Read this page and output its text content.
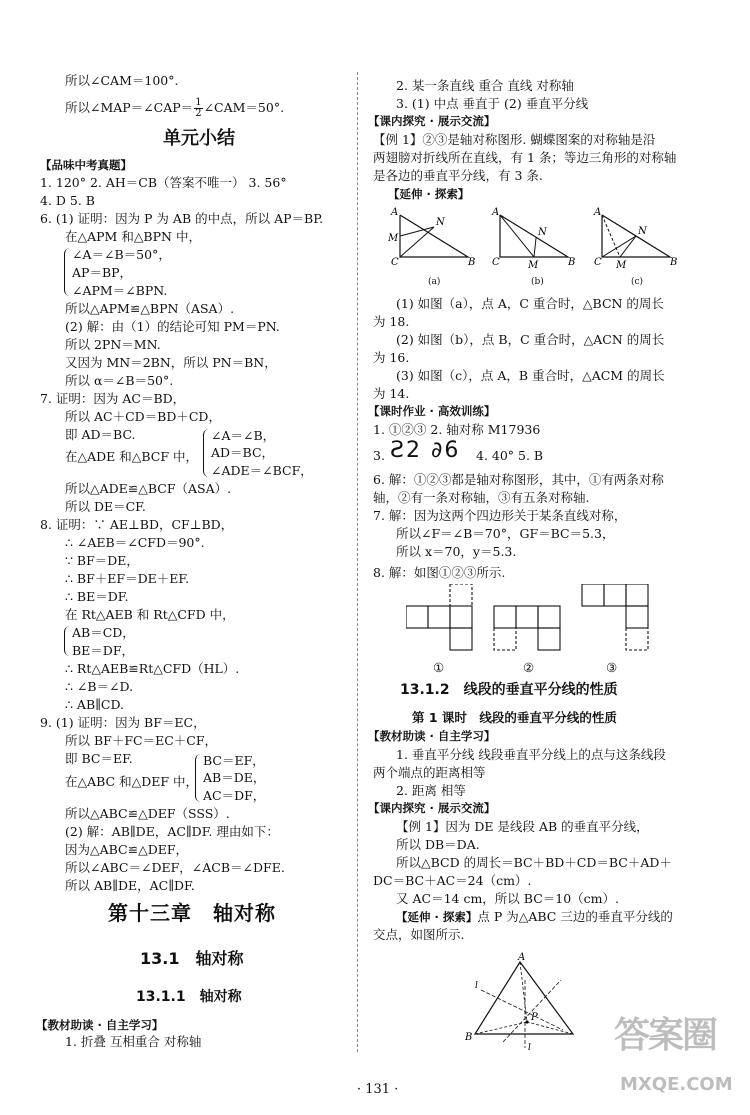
所以∠CAM＝100°.
所以∠MAP＝∠CAP＝ $\frac{1}{2}$ ∠CAM＝50°.
单元小结
【品味中考真题】
1. 120° 2. AH＝CB（答案不唯一） 3. 56°
4. D 5. B
6. (1) 证明：因为 P 为 AB 的中点，所以 AP＝BP.
在△APM 和△BPN 中，
∠A＝∠B＝50°，
AP＝BP，
∠APM＝∠BPN.
所以△APM≌△BPN（ASA）.
(2) 解：由（1）的结论可知 PM＝PN.
所以 2PN＝MN.
又因为 MN＝2BN，所以 PN＝BN，
所以 α＝∠B＝50°.
7. 证明：因为 AC＝BD，
所以 AC＋CD＝BD＋CD，
即 AD＝BC.
在△ADE 和△BCF 中，
∠A＝∠B，
AD＝BC，
∠ADE＝∠BCF，
所以△ADE≌△BCF（ASA）.
所以 DE＝CF.
8. 证明：∵ AE⊥BD，CF⊥BD，
∴ ∠AEB＝∠CFD＝90°.
∵ BF＝DE，
∴ BF＋EF＝DE＋EF.
∴ BE＝DF.
在 Rt△AEB 和 Rt△CFD 中，
AB＝CD，
BE＝DF，
∴ Rt△AEB≌Rt△CFD（HL）.
∴ ∠B＝∠D.
∴ AB∥CD.
9. (1) 证明：因为 BF＝EC，
所以 BF＋FC＝EC＋CF，
即 BC＝EF.
在△ABC 和△DEF 中，
BC＝EF，
AB＝DE，
AC＝DF，
所以△ABC≌△DEF（SSS）.
(2) 解：AB∥DE，AC∥DF. 理由如下：
因为△ABC≌△DEF，
所以∠ABC＝∠DEF，∠ACB＝∠DFE.
所以 AB∥DE，AC∥DF.
第十三章　轴对称
13.1　轴对称
13.1.1　轴对称
【教材助读 · 自主学习】
1. 折叠 互相重合 对称轴
2. 某一条直线 重合 直线 对称轴
3. (1) 中点 垂直于 (2) 垂直平分线
【课内探究 · 展示交流】
【例 1】②③是轴对称图形. 蝴蝶图案的对称轴是沿
两翅膀对折线所在直线，有 1 条；等边三角形的对称轴
是各边的垂直平分线，有 3 条.
【延伸 · 探索】
A
M
N
C	B
A
N
C	M	B
A
N
C M	B
(a)	(b)	(c)
(1) 如图（a），点 A，C 重合时，△BCN 的周长
为 18.
(2) 如图（b），点 B，C 重合时，△ACN 的周长
为 16.
(3) 如图（c），点 A，B 重合时，△ACM 的周长
为 14.
【课时作业 · 高效训练】
1. ①②③ 2. 轴对称 M17936
3. Ƨ2 ∂6 4. 40° 5. B
6. 解：①②③都是轴对称图形，其中，①有两条对称
轴，②有一条对称轴，③有五条对称轴.
7. 解：因为这两个四边形关于某条直线对称，
所以∠F＝∠B＝70°，GF＝BC＝5.3，
所以 x＝70，y＝5.3.
8. 解：如图①②③所示.
①	②	③
13.1.2　线段的垂直平分线的性质
第 1 课时　线段的垂直平分线的性质
【教材助读 · 自主学习】
1. 垂直平分线 线段垂直平分线上的点与这条线段
两个端点的距离相等
2. 距离 相等
【课内探究 · 展示交流】
【例 1】因为 DE 是线段 AB 的垂直平分线，
所以 DB＝DA.
所以△BCD 的周长＝BC＋BD＋CD＝BC＋AD＋
DC＝BC＋AC＝24（cm）.
又 AC＝14 cm，所以 BC＝10（cm）.
【延伸 · 探索】点 P 为△ABC 三边的垂直平分线的
交点，如图所示.
A
B
P
l
l
· 131 ·
答案圈
MXQE.COM
